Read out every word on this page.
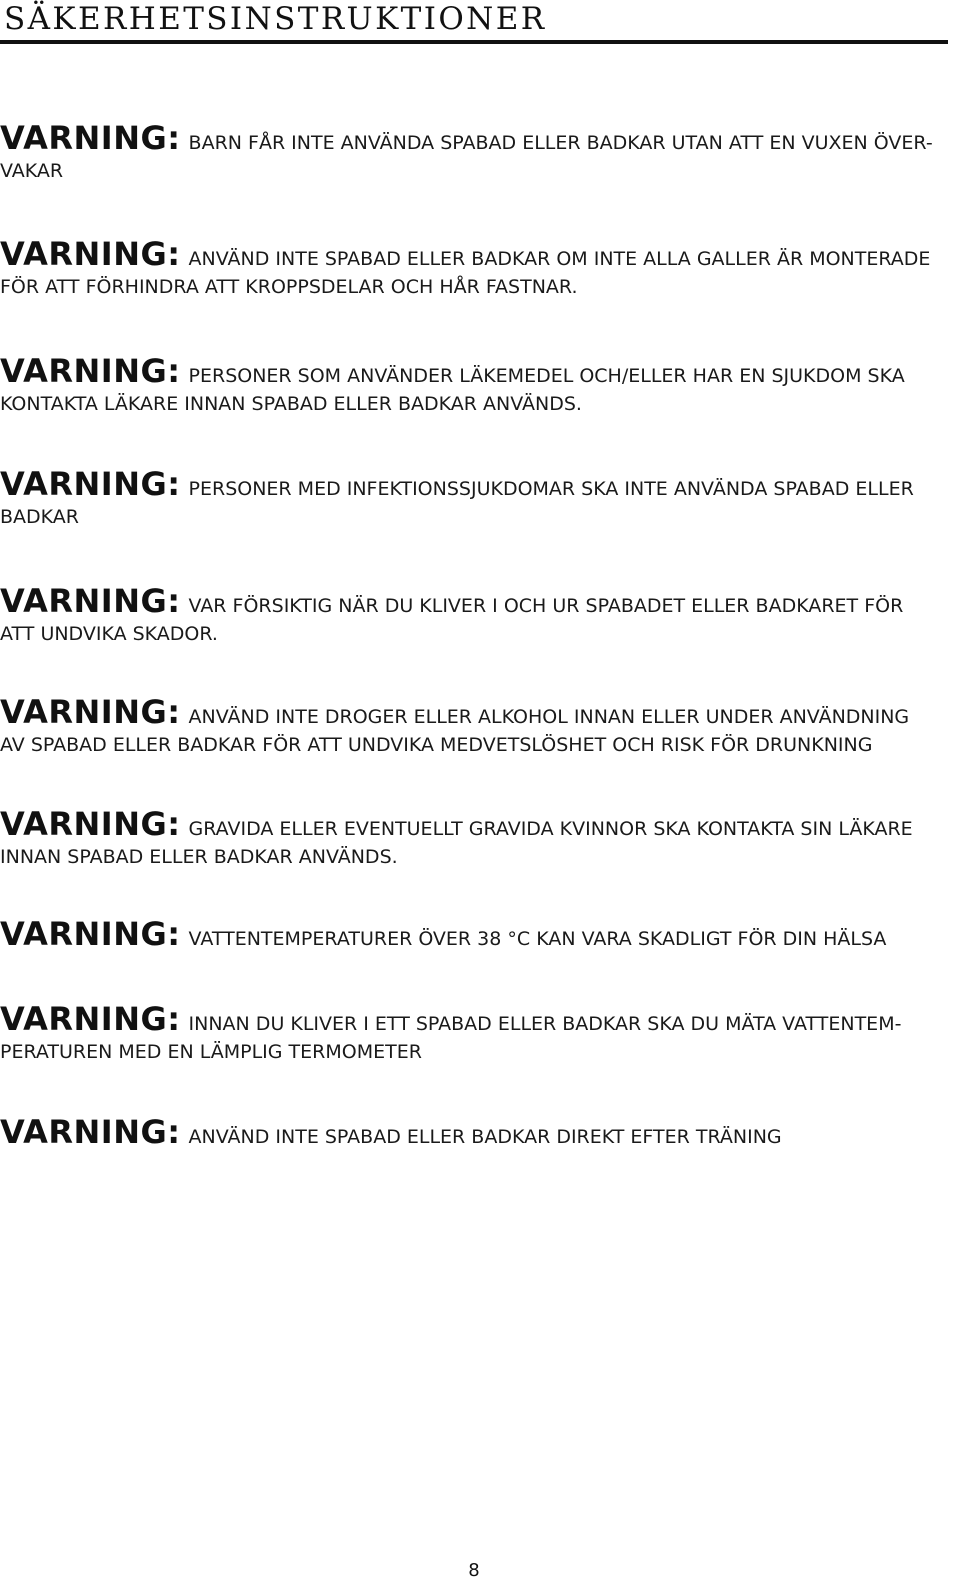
SÄKERHETSINSTRUKTIONER
VARNING: BARN FÅR INTE ANVÄNDA SPABAD ELLER BADKAR UTAN ATT EN VUXEN ÖVER-
VAKAR
VARNING: ANVÄND INTE SPABAD ELLER BADKAR OM INTE ALLA GALLER ÄR MONTERADE
FÖR ATT FÖRHINDRA ATT KROPPSDELAR OCH HÅR FASTNAR.
VARNING: PERSONER SOM ANVÄNDER LÄKEMEDEL OCH/ELLER HAR EN SJUKDOM SKA
KONTAKTA LÄKARE INNAN SPABAD ELLER BADKAR ANVÄNDS.
VARNING: PERSONER MED INFEKTIONSSJUKDOMAR SKA INTE ANVÄNDA SPABAD ELLER
BADKAR
VARNING: VAR FÖRSIKTIG NÄR DU KLIVER I OCH UR SPABADET ELLER BADKARET FÖR
ATT UNDVIKA SKADOR.
VARNING: ANVÄND INTE DROGER ELLER ALKOHOL INNAN ELLER UNDER ANVÄNDNING
AV SPABAD ELLER BADKAR FÖR ATT UNDVIKA MEDVETSLÖSHET OCH RISK FÖR DRUNKNING
VARNING: GRAVIDA ELLER EVENTUELLT GRAVIDA KVINNOR SKA KONTAKTA SIN LÄKARE
INNAN SPABAD ELLER BADKAR ANVÄNDS.
VARNING: VATTENTEMPERATURER ÖVER 38 °C KAN VARA SKADLIGT FÖR DIN HÄLSA
VARNING: INNAN DU KLIVER I ETT SPABAD ELLER BADKAR SKA DU MÄTA VATTENTEM-
PERATUREN MED EN LÄMPLIG TERMOMETER
VARNING: ANVÄND INTE SPABAD ELLER BADKAR DIREKT EFTER TRÄNING
8
